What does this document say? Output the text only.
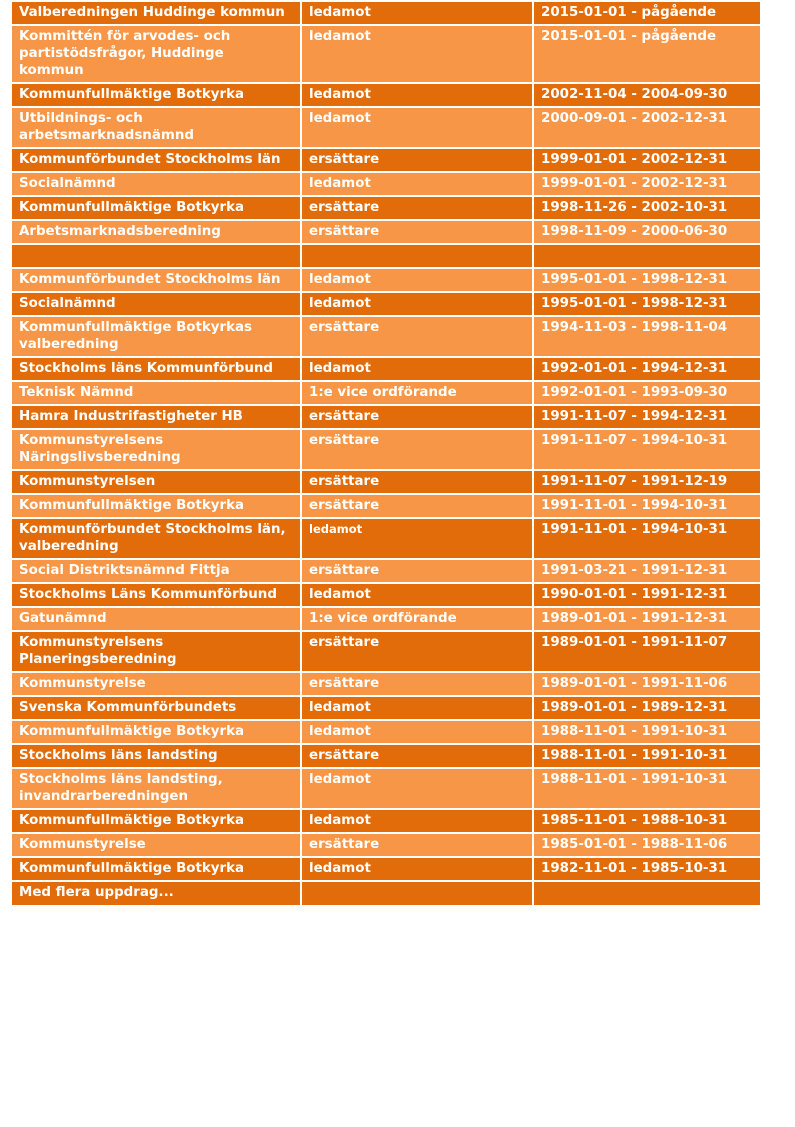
Valberedningen Huddinge kommun	ledamot	2015-01-01 - pågående
Kommittén för arvodes- och partistödsfrågor, Huddinge kommun	ledamot	2015-01-01 - pågående
Kommunfullmäktige Botkyrka	ledamot	2002-11-04 - 2004-09-30
Utbildnings- och arbetsmarknadsnämnd	ledamot	2000-09-01 - 2002-12-31
Kommunförbundet Stockholms län	ersättare	1999-01-01 - 2002-12-31
Socialnämnd	ledamot	1999-01-01 - 2002-12-31
Kommunfullmäktige Botkyrka	ersättare	1998-11-26 - 2002-10-31
Arbetsmarknadsberedning	ersättare	1998-11-09 - 2000-06-30

Kommunförbundet Stockholms län	ledamot	1995-01-01 - 1998-12-31
Socialnämnd	ledamot	1995-01-01 - 1998-12-31
Kommunfullmäktige Botkyrkas valberedning	ersättare	1994-11-03 - 1998-11-04
Stockholms läns Kommunförbund	ledamot	1992-01-01 - 1994-12-31
Teknisk Nämnd	1:e vice ordförande	1992-01-01 - 1993-09-30
Hamra Industrifastigheter HB	ersättare	1991-11-07 - 1994-12-31
Kommunstyrelsens Näringslivsberedning	ersättare	1991-11-07 - 1994-10-31
Kommunstyrelsen	ersättare	1991-11-07 - 1991-12-19
Kommunfullmäktige Botkyrka	ersättare	1991-11-01 - 1994-10-31
Kommunförbundet Stockholms län, valberedning	ledamot	1991-11-01 - 1994-10-31
Social Distriktsnämnd Fittja	ersättare	1991-03-21 - 1991-12-31
Stockholms Läns Kommunförbund	ledamot	1990-01-01 - 1991-12-31
Gatunämnd	1:e vice ordförande	1989-01-01 - 1991-12-31
Kommunstyrelsens Planeringsberedning	ersättare	1989-01-01 - 1991-11-07
Kommunstyrelse	ersättare	1989-01-01 - 1991-11-06
Svenska Kommunförbundets	ledamot	1989-01-01 - 1989-12-31
Kommunfullmäktige Botkyrka	ledamot	1988-11-01 - 1991-10-31
Stockholms läns landsting	ersättare	1988-11-01 - 1991-10-31
Stockholms läns landsting, invandrarberedningen	ledamot	1988-11-01 - 1991-10-31
Kommunfullmäktige Botkyrka	ledamot	1985-11-01 - 1988-10-31
Kommunstyrelse	ersättare	1985-01-01 - 1988-11-06
Kommunfullmäktige Botkyrka	ledamot	1982-11-01 - 1985-10-31
Med flera uppdrag...		
